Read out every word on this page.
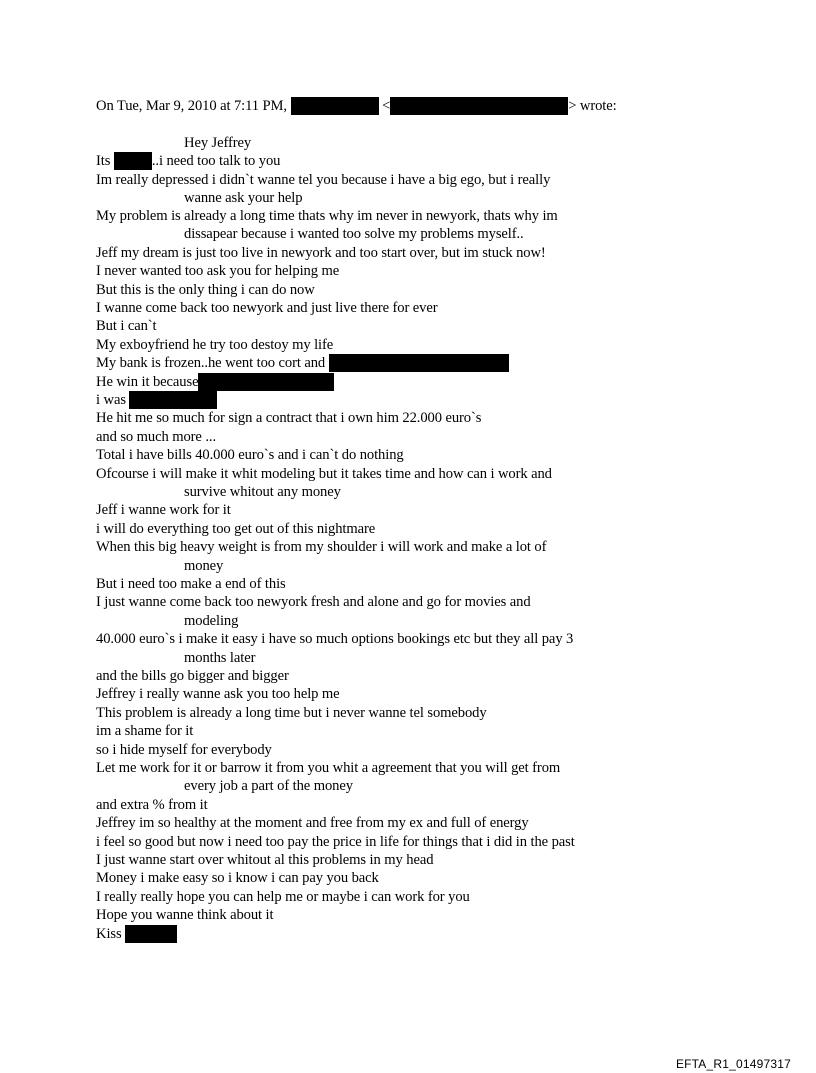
On Tue, Mar 9, 2010 at 7:11 PM,	<	> wrote:
Hey Jeffrey
Its	..i need too talk to you
Im really depressed i didn`t wanne tel you because i have a big ego, but i really
wanne ask your help
My problem is already a long time thats why im never in newyork, thats why im
dissapear because i wanted too solve my problems myself..
Jeff my dream is just too live in newyork and too start over, but im stuck now!
I never wanted too ask you for helping me
But this is the only thing i can do now
I wanne come back too newyork and just live there for ever
But i can`t
My exboyfriend he try too destoy my life
My bank is frozen..he went too cort and
He win it because
i was
He hit me so much for sign a contract that i own him 22.000 euro`s
and so much more ...
Total i have bills 40.000 euro`s and i can`t do nothing
Ofcourse i will make it whit modeling but it takes time and how can i work and
survive whitout any money
Jeff i wanne work for it
i will do everything too get out of this nightmare
When this big heavy weight is from my shoulder i will work and make a lot of
money
But i need too make a end of this
I just wanne come back too newyork fresh and alone and go for movies and
modeling
40.000 euro`s i make it easy i have so much options bookings etc but they all pay 3
months later
and the bills go bigger and bigger
Jeffrey i really wanne ask you too help me
This problem is already a long time but i never wanne tel somebody
im a shame for it
so i hide myself for everybody
Let me work for it or barrow it from you whit a agreement that you will get from
every job a part of the money
and extra % from it
Jeffrey im so healthy at the moment and free from my ex and full of energy
i feel so good but now i need too pay the price in life for things that i did in the past
I just wanne start over whitout al this problems in my head
Money i make easy so i know i can pay you back
I really really hope you can help me or maybe i can work for you
Hope you wanne think about it
Kiss
EFTA_R1_01497317
